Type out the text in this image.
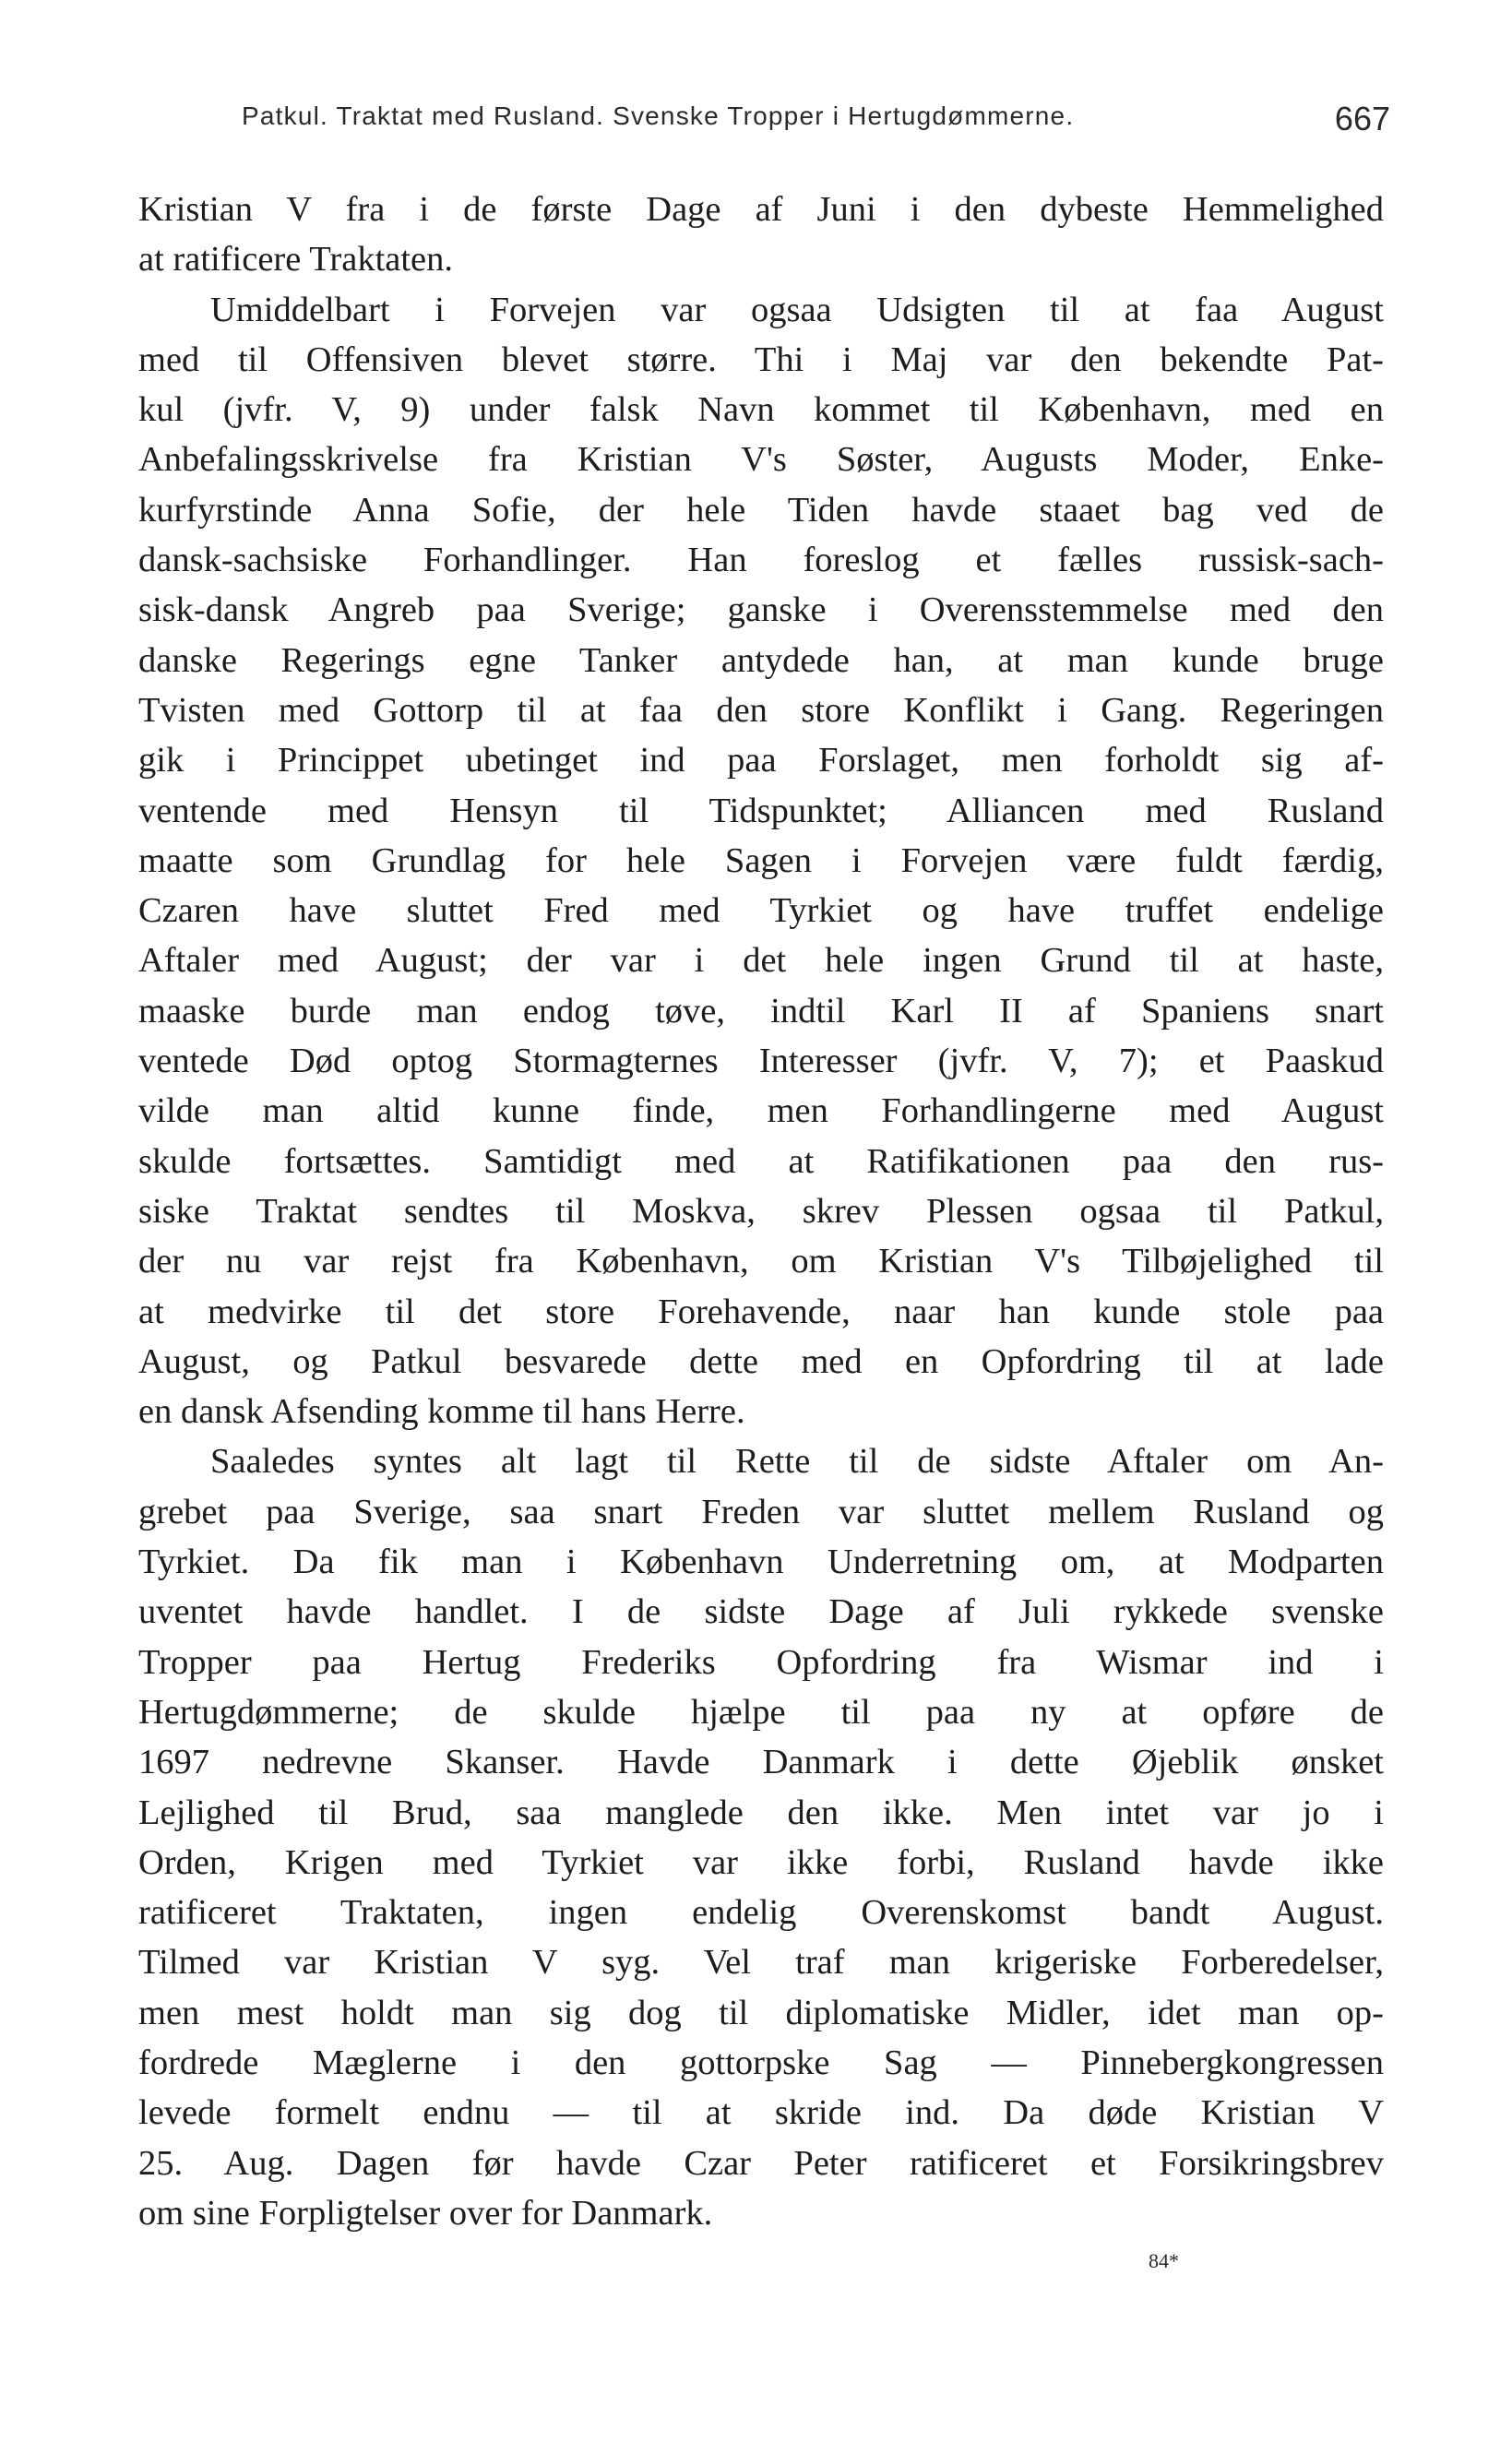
Patkul. Traktat med Rusland. Svenske Tropper i Hertugdømmerne.	667
Kristian V fra i de første Dage af Juni i den dybeste Hemmelighed
at ratificere Traktaten.
Umiddelbart i Forvejen var ogsaa Udsigten til at faa August
med til Offensiven blevet større. Thi i Maj var den bekendte Pat-
kul (jvfr. V, 9) under falsk Navn kommet til København, med en
Anbefalingsskrivelse fra Kristian V's Søster, Augusts Moder, Enke-
kurfyrstinde Anna Sofie, der hele Tiden havde staaet bag ved de
dansk-sachsiske Forhandlinger. Han foreslog et fælles russisk-sach-
sisk-dansk Angreb paa Sverige; ganske i Overensstemmelse med den
danske Regerings egne Tanker antydede han, at man kunde bruge
Tvisten med Gottorp til at faa den store Konflikt i Gang. Regeringen
gik i Princippet ubetinget ind paa Forslaget, men forholdt sig af-
ventende med Hensyn til Tidspunktet; Alliancen med Rusland
maatte som Grundlag for hele Sagen i Forvejen være fuldt færdig,
Czaren have sluttet Fred med Tyrkiet og have truffet endelige
Aftaler med August; der var i det hele ingen Grund til at haste,
maaske burde man endog tøve, indtil Karl II af Spaniens snart
ventede Død optog Stormagternes Interesser (jvfr. V, 7); et Paaskud
vilde man altid kunne finde, men Forhandlingerne med August
skulde fortsættes. Samtidigt med at Ratifikationen paa den rus-
siske Traktat sendtes til Moskva, skrev Plessen ogsaa til Patkul,
der nu var rejst fra København, om Kristian V's Tilbøjelighed til
at medvirke til det store Forehavende, naar han kunde stole paa
August, og Patkul besvarede dette med en Opfordring til at lade
en dansk Afsending komme til hans Herre.
Saaledes syntes alt lagt til Rette til de sidste Aftaler om An-
grebet paa Sverige, saa snart Freden var sluttet mellem Rusland og
Tyrkiet. Da fik man i København Underretning om, at Modparten
uventet havde handlet. I de sidste Dage af Juli rykkede svenske
Tropper paa Hertug Frederiks Opfordring fra Wismar ind i
Hertugdømmerne; de skulde hjælpe til paa ny at opføre de
1697 nedrevne Skanser. Havde Danmark i dette Øjeblik ønsket
Lejlighed til Brud, saa manglede den ikke. Men intet var jo i
Orden, Krigen med Tyrkiet var ikke forbi, Rusland havde ikke
ratificeret Traktaten, ingen endelig Overenskomst bandt August.
Tilmed var Kristian V syg. Vel traf man krigeriske Forberedelser,
men mest holdt man sig dog til diplomatiske Midler, idet man op-
fordrede Mæglerne i den gottorpske Sag — Pinnebergkongressen
levede formelt endnu — til at skride ind. Da døde Kristian V
25. Aug. Dagen før havde Czar Peter ratificeret et Forsikringsbrev
om sine Forpligtelser over for Danmark.
84*
